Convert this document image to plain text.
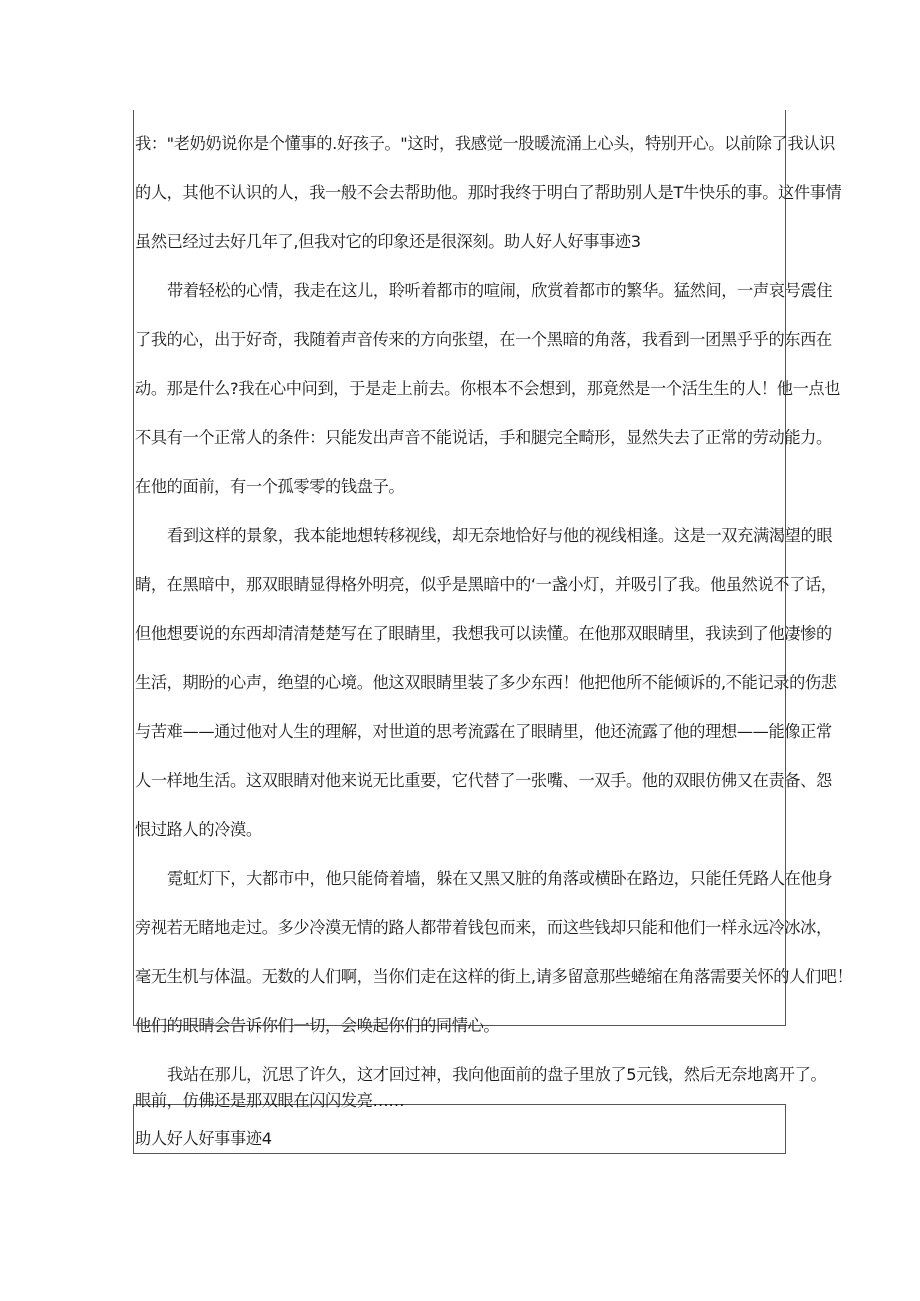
我："老奶奶说你是个懂事的.好孩子。"这时，我感觉一股暖流涌上心头，特别开心。以前除了我认识
的人，其他不认识的人，我一般不会去帮助他。那时我终于明白了帮助别人是T牛快乐的事。这件事情
虽然已经过去好几年了,但我对它的印象还是很深刻。助人好人好事事迹3
带着轻松的心情，我走在这儿，聆听着都市的喧闹，欣赏着都市的繁华。猛然间，一声哀号震住
了我的心，出于好奇，我随着声音传来的方向张望，在一个黑暗的角落，我看到一团黑乎乎的东西在
动。那是什么?我在心中问到，于是走上前去。你根本不会想到，那竟然是一个活生生的人！他一点也
不具有一个正常人的条件：只能发出声音不能说话，手和腿完全畸形，显然失去了正常的劳动能力。
在他的面前，有一个孤零零的钱盘子。
看到这样的景象，我本能地想转移视线，却无奈地恰好与他的视线相逢。这是一双充满渴望的眼
睛，在黑暗中，那双眼睛显得格外明亮，似乎是黑暗中的‘一盏小灯，并吸引了我。他虽然说不了话，
但他想要说的东西却清清楚楚写在了眼睛里，我想我可以读懂。在他那双眼睛里，我读到了他凄惨的
生活，期盼的心声，绝望的心境。他这双眼睛里装了多少东西！他把他所不能倾诉的,不能记录的伤悲
与苦难——通过他对人生的理解，对世道的思考流露在了眼睛里，他还流露了他的理想——能像正常
人一样地生活。这双眼睛对他来说无比重要，它代替了一张嘴、一双手。他的双眼仿佛又在责备、怨
恨过路人的冷漠。
霓虹灯下，大都市中，他只能倚着墙，躲在又黑又脏的角落或横卧在路边，只能任凭路人在他身
旁视若无睹地走过。多少冷漠无情的路人都带着钱包而来，而这些钱却只能和他们一样永远冷冰冰，
毫无生机与体温。无数的人们啊，当你们走在这样的街上,请多留意那些蜷缩在角落需要关怀的人们吧！
他们的眼睛会告诉你们一切，会唤起你们的同情心。
我站在那儿，沉思了许久，这才回过神，我向他面前的盘子里放了5元钱，然后无奈地离开了。
眼前，仿佛还是那双眼在闪闪发亮……
助人好人好事事迹4
